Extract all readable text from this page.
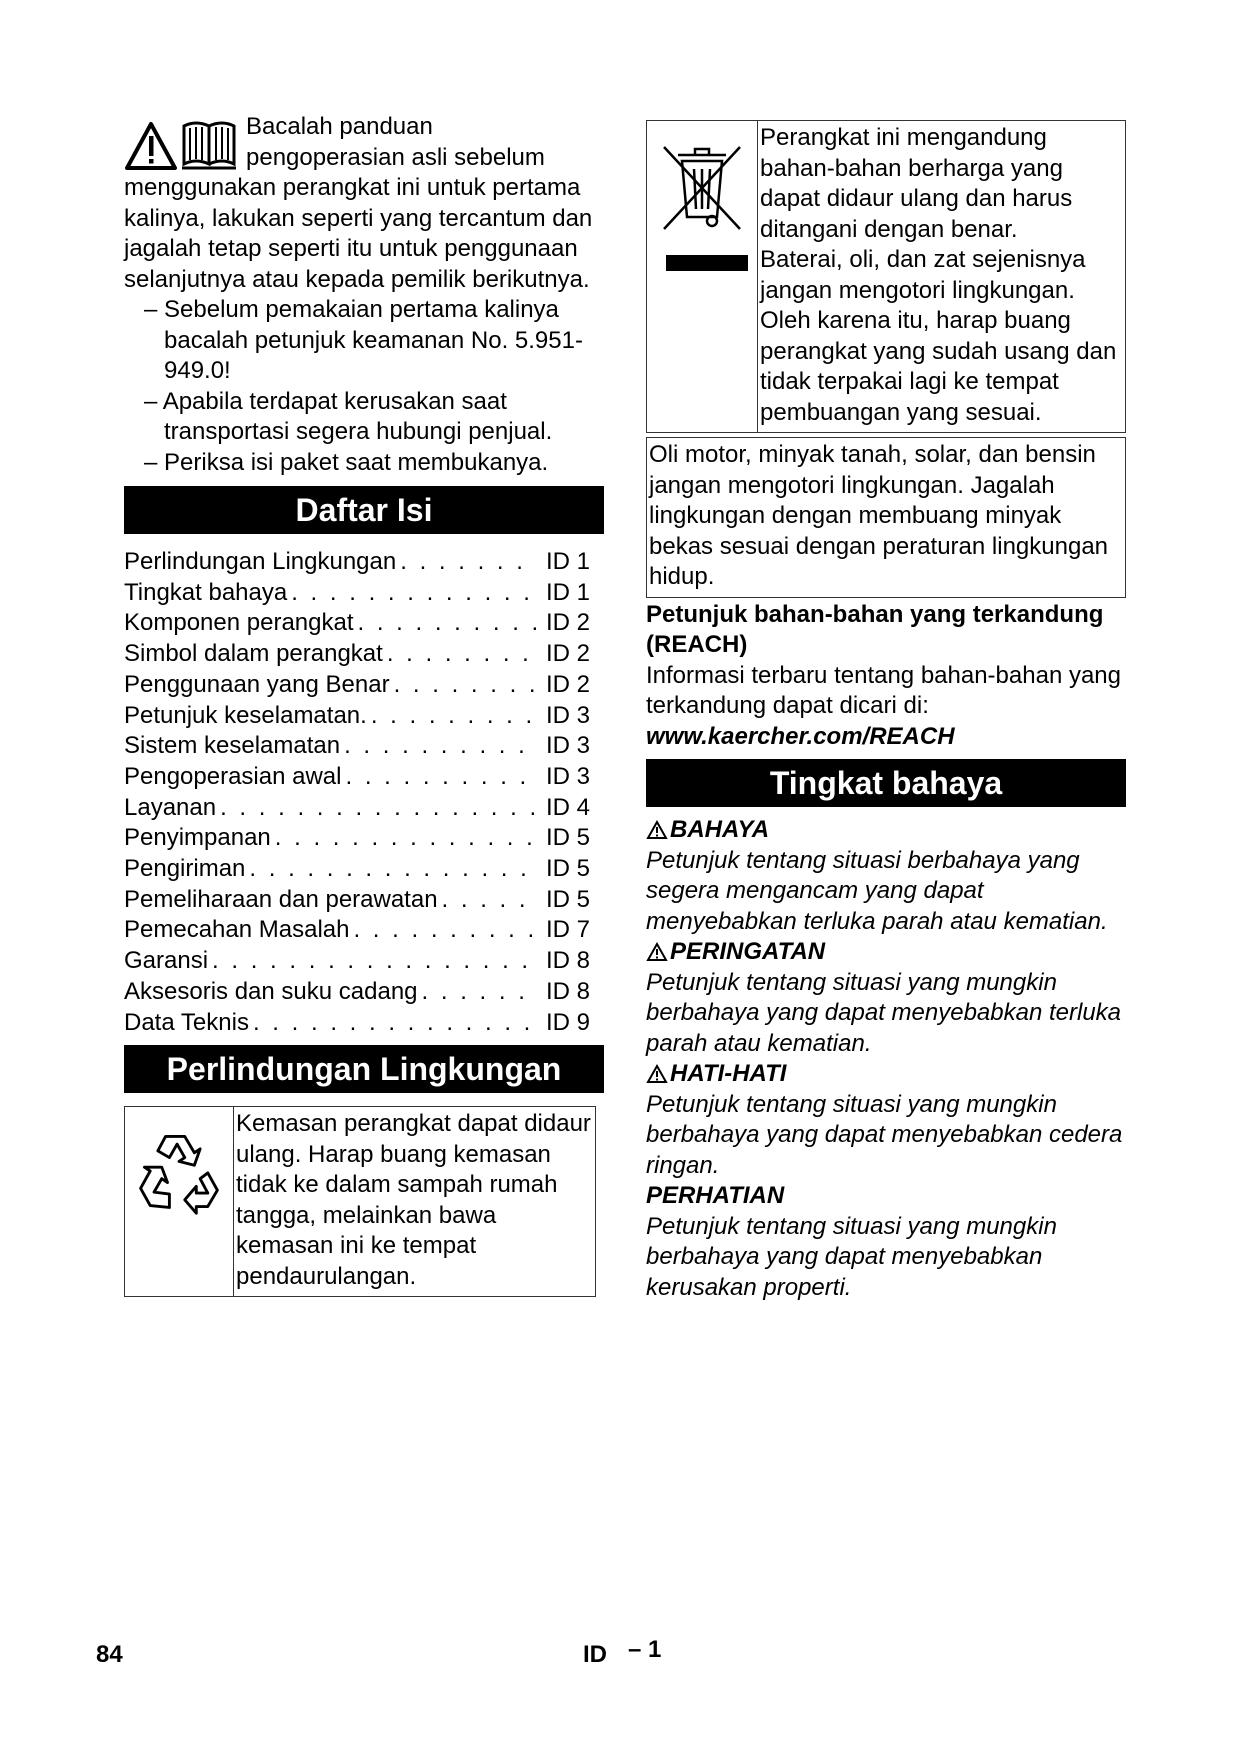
Bacalah panduan

pengoperasian asli sebelum

menggunakan perangkat ini untuk pertama kalinya, lakukan seperti yang tercantum dan jagalah tetap seperti itu untuk penggunaan selanjutnya atau kepada pemilik berikutnya.

– Sebelum pemakaian pertama kalinya bacalah petunjuk keamanan No. 5.951-949.0!

– Apabila terdapat kerusakan saat transportasi segera hubungi penjual.

– Periksa isi paket saat membukanya.

Daftar Isi
Perlindungan Lingkungan . . .	ID 1
Tingkat bahaya . . .	ID 1
Komponen perangkat . . .	ID 2
Simbol dalam perangkat . . .	ID 2
Penggunaan yang Benar . . .	ID 2
Petunjuk keselamatan. . . .	ID 3
Sistem keselamatan . . .	ID 3
Pengoperasian awal . . .	ID 3
Layanan . . .	ID 4
Penyimpanan . . .	ID 5
Pengiriman . . .	ID 5
Pemeliharaan dan perawatan . . .	ID 5
Pemecahan Masalah . . .	ID 7
Garansi . . .	ID 8
Aksesoris dan suku cadang . . .	ID 8
Data Teknis . . .	ID 9
Perlindungan Lingkungan
	Kemasan perangkat dapat didaur ulang. Harap buang kemasan tidak ke dalam sampah rumah tangga, melainkan bawa kemasan ini ke tempat pendaurulangan.

Perangkat ini mengandung bahan-bahan berharga yang dapat didaur ulang dan harus ditangani dengan benar.
Baterai, oli, dan zat sejenisnya jangan mengotori lingkungan. Oleh karena itu, harap buang perangkat yang sudah usang dan tidak terpakai lagi ke tempat pembuangan yang sesuai.
Oli motor, minyak tanah, solar, dan bensin jangan mengotori lingkungan. Jagalah lingkungan dengan membuang minyak bekas sesuai dengan peraturan lingkungan hidup.

Petunjuk bahan-bahan yang terkandung (REACH)

Informasi terbaru tentang bahan-bahan yang terkandung dapat dicari di:

www.kaercher.com/REACH

Tingkat bahaya
BAHAYA

Petunjuk tentang situasi berbahaya yang segera mengancam yang dapat menyebabkan terluka parah atau kematian.

PERINGATAN

Petunjuk tentang situasi yang mungkin berbahaya yang dapat menyebabkan terluka parah atau kematian.

HATI-HATI

Petunjuk tentang situasi yang mungkin berbahaya yang dapat menyebabkan cedera ringan.

PERHATIAN

Petunjuk tentang situasi yang mungkin berbahaya yang dapat menyebabkan kerusakan properti.

84	ID – 1
